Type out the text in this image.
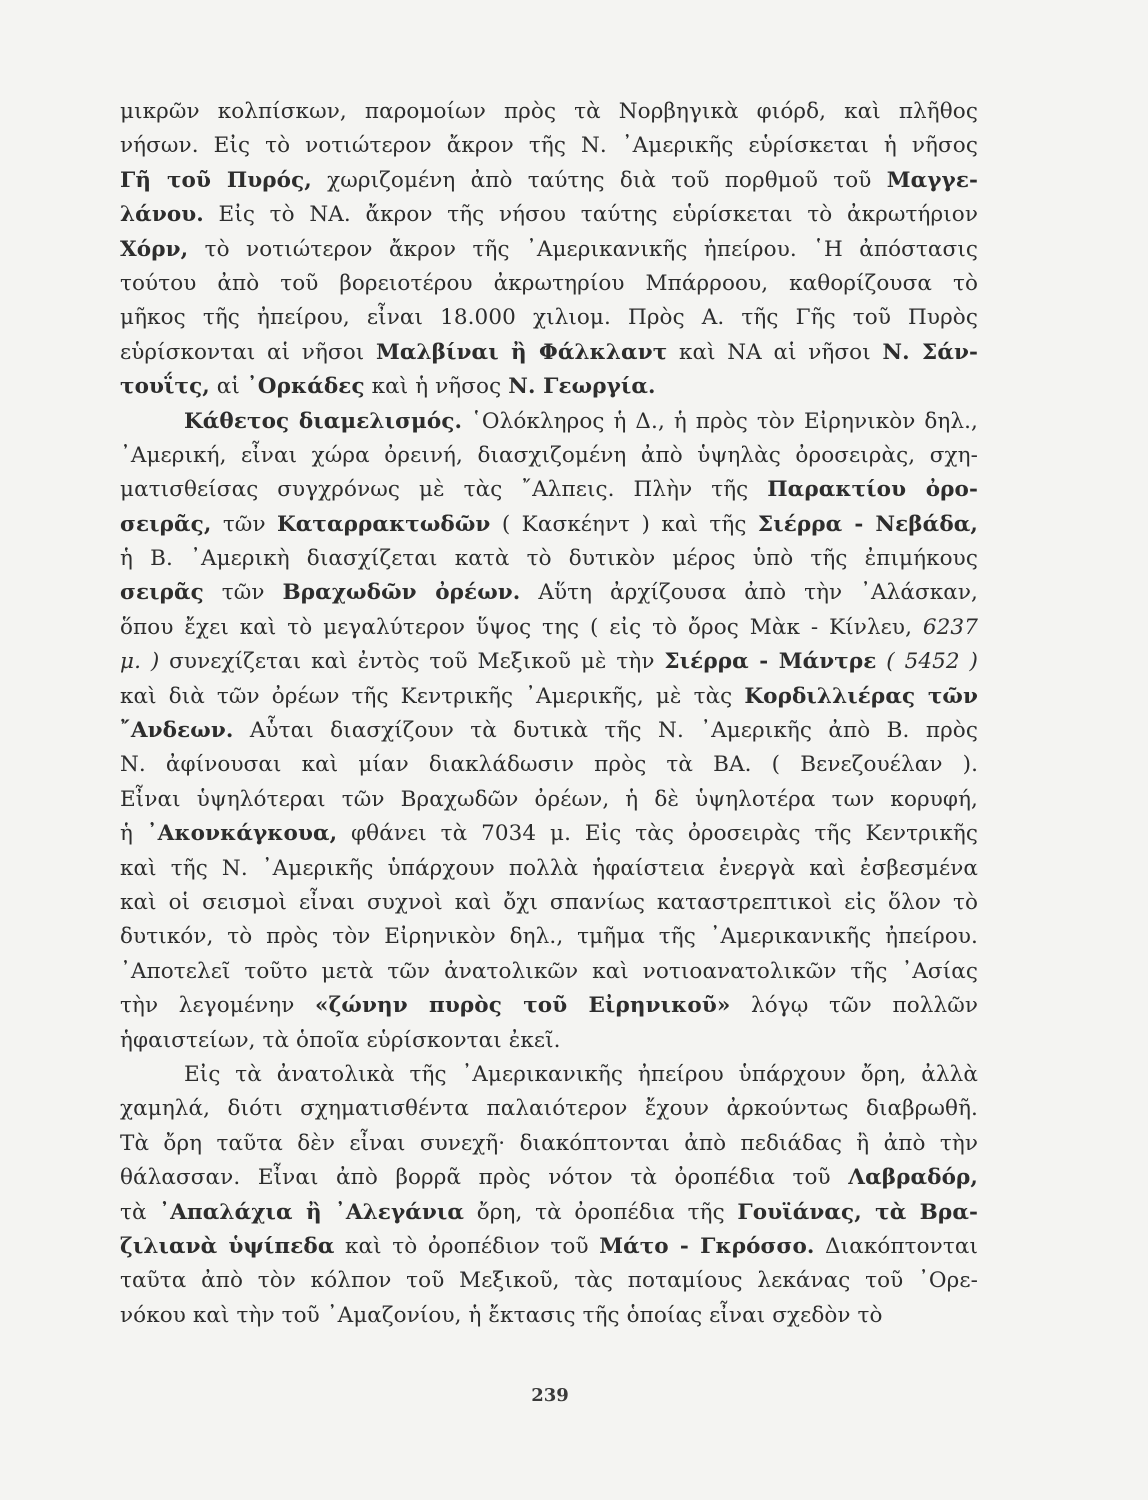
μικρῶν κολπίσκων, παρομοίων πρὸς τὰ Νορβηγικὰ φιόρδ, καὶ πλῆθος
νήσων. Εἰς τὸ νοτιώτερον ἄκρον τῆς Ν. ᾿Αμερικῆς εὑρίσκεται ἡ νῆσος
Γῆ τοῦ Πυρός, χωριζομένη ἀπὸ ταύτης διὰ τοῦ πορθμοῦ τοῦ Μαγγε-
λάνου. Εἰς τὸ ΝΑ. ἄκρον τῆς νήσου ταύτης εὑρίσκεται τὸ ἀκρωτήριον
Χόρν, τὸ νοτιώτερον ἄκρον τῆς ᾿Αμερικανικῆς ἠπείρου. ῾Η ἀπόστασις
τούτου ἀπὸ τοῦ βορειοτέρου ἀκρωτηρίου Μπάρροου, καθορίζουσα τὸ
μῆκος τῆς ἠπείρου, εἶναι 18.000 χιλιομ. Πρὸς Α. τῆς Γῆς τοῦ Πυρὸς
εὑρίσκονται αἱ νῆσοι Μαλβίναι ἢ Φάλκλαντ καὶ ΝΑ αἱ νῆσοι Ν. Σάν-
τουΐτς, αἱ ᾿Ορκάδες καὶ ἡ νῆσος Ν. Γεωργία.
Κάθετος διαμελισμός. ῾Ολόκληρος ἡ Δ., ἡ πρὸς τὸν Εἰρηνικὸν δηλ.,
᾿Αμερική, εἶναι χώρα ὀρεινή, διασχιζομένη ἀπὸ ὑψηλὰς ὀροσειρὰς, σχη-
ματισθείσας συγχρόνως μὲ τὰς ῎Αλπεις. Πλὴν τῆς Παρακτίου ὀρο-
σειρᾶς, τῶν Καταρρακτωδῶν ( Κασκέηντ ) καὶ τῆς Σιέρρα - Νεβάδα,
ἡ Β. ᾿Αμερικὴ διασχίζεται κατὰ τὸ δυτικὸν μέρος ὑπὸ τῆς ἐπιμήκους
σειρᾶς τῶν Βραχωδῶν ὀρέων. Αὕτη ἀρχίζουσα ἀπὸ τὴν ᾿Αλάσκαν,
ὅπου ἔχει καὶ τὸ μεγαλύτερον ὕψος της ( εἰς τὸ ὄρος Μὰκ - Κίνλευ, 6237
μ. ) συνεχίζεται καὶ ἐντὸς τοῦ Μεξικοῦ μὲ τὴν Σιέρρα - Μάντρε ( 5452 )
καὶ διὰ τῶν ὀρέων τῆς Κεντρικῆς ᾿Αμερικῆς, μὲ τὰς Κορδιλλιέρας τῶν
῎Ανδεων. Αὗται διασχίζουν τὰ δυτικὰ τῆς Ν. ᾿Αμερικῆς ἀπὸ Β. πρὸς
Ν. ἀφίνουσαι καὶ μίαν διακλάδωσιν πρὸς τὰ ΒΑ. ( Βενεζουέλαν ).
Εἶναι ὑψηλότεραι τῶν Βραχωδῶν ὀρέων, ἡ δὲ ὑψηλοτέρα των κορυφή,
ἡ ᾿Ακονκάγκουα, φθάνει τὰ 7034 μ. Εἰς τὰς ὀροσειρὰς τῆς Κεντρικῆς
καὶ τῆς Ν. ᾿Αμερικῆς ὑπάρχουν πολλὰ ἡφαίστεια ἐνεργὰ καὶ ἐσβεσμένα
καὶ οἱ σεισμοὶ εἶναι συχνοὶ καὶ ὄχι σπανίως καταστρεπτικοὶ εἰς ὅλον τὸ
δυτικόν, τὸ πρὸς τὸν Εἰρηνικὸν δηλ., τμῆμα τῆς ᾿Αμερικανικῆς ἠπείρου.
᾿Αποτελεῖ τοῦτο μετὰ τῶν ἀνατολικῶν καὶ νοτιοανατολικῶν τῆς ᾿Ασίας
τὴν λεγομένην «ζώνην πυρὸς τοῦ Εἰρηνικοῦ» λόγῳ τῶν πολλῶν
ἡφαιστείων, τὰ ὁποῖα εὑρίσκονται ἐκεῖ.
Εἰς τὰ ἀνατολικὰ τῆς ᾿Αμερικανικῆς ἠπείρου ὑπάρχουν ὄρη, ἀλλὰ
χαμηλά, διότι σχηματισθέντα παλαιότερον ἔχουν ἀρκούντως διαβρωθῆ.
Τὰ ὄρη ταῦτα δὲν εἶναι συνεχῆ· διακόπτονται ἀπὸ πεδιάδας ἢ ἀπὸ τὴν
θάλασσαν. Εἶναι ἀπὸ βορρᾶ πρὸς νότον τὰ ὀροπέδια τοῦ Λαβραδόρ,
τὰ ᾿Απαλάχια ἢ ᾿Αλεγάνια ὄρη, τὰ ὀροπέδια τῆς Γουϊάνας, τὰ Βρα-
ζιλιανὰ ὑψίπεδα καὶ τὸ ὀροπέδιον τοῦ Μάτο - Γκρόσσο. Διακόπτονται
ταῦτα ἀπὸ τὸν κόλπον τοῦ Μεξικοῦ, τὰς ποταμίους λεκάνας τοῦ ᾿Ορε-
νόκου καὶ τὴν τοῦ ᾿Αμαζονίου, ἡ ἔκτασις τῆς ὁποίας εἶναι σχεδὸν τὸ
239
